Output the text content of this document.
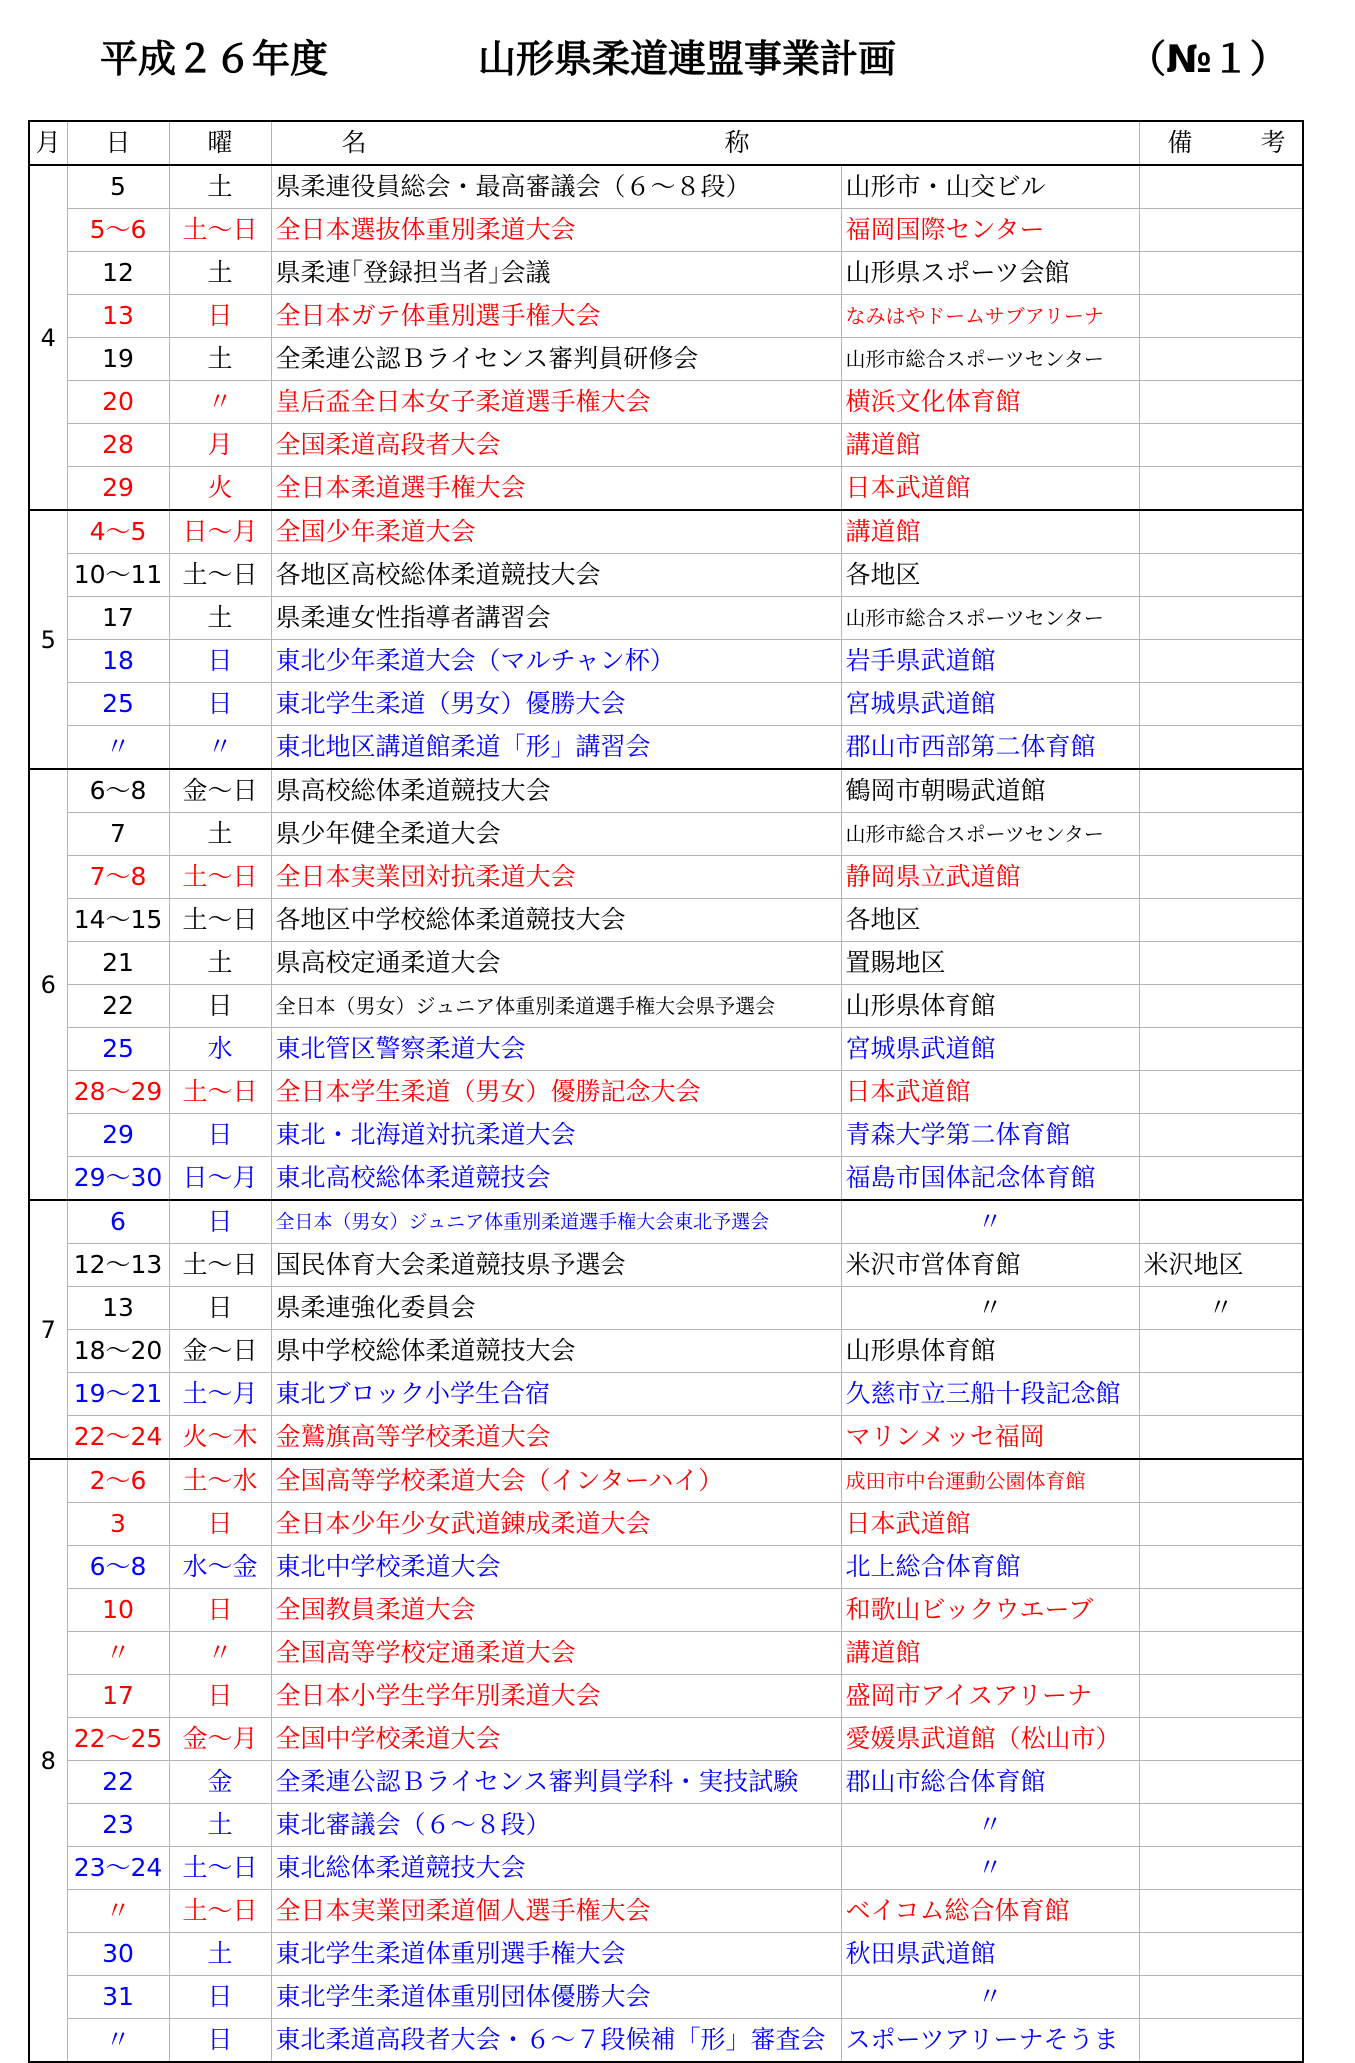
平成２６年度	山形県柔道連盟事業計画	（№１）
月	日	曜	名 称		備 考
4	5	土	県柔連役員総会・最高審議会（６～８段）	山形市・山交ビル	
	5～6	土～日	全日本選抜体重別柔道大会	福岡国際センター	
	12	土	県柔連｢登録担当者｣会議	山形県スポーツ会館	
	13	日	全日本ガテ体重別選手権大会	なみはやドームサブアリーナ	
	19	土	全柔連公認Ｂライセンス審判員研修会	山形市総合スポーツセンター	
	20	〃	皇后盃全日本女子柔道選手権大会	横浜文化体育館	
	28	月	全国柔道高段者大会	講道館	
	29	火	全日本柔道選手権大会	日本武道館	
5	4～5	日～月	全国少年柔道大会	講道館	
	10～11	土～日	各地区高校総体柔道競技大会	各地区	
	17	土	県柔連女性指導者講習会	山形市総合スポーツセンター	
	18	日	東北少年柔道大会（マルチャン杯）	岩手県武道館	
	25	日	東北学生柔道（男女）優勝大会	宮城県武道館	
	〃	〃	東北地区講道館柔道「形」講習会	郡山市西部第二体育館	
6	6～8	金～日	県高校総体柔道競技大会	鶴岡市朝暘武道館	
	7	土	県少年健全柔道大会	山形市総合スポーツセンター	
	7～8	土～日	全日本実業団対抗柔道大会	静岡県立武道館	
	14～15	土～日	各地区中学校総体柔道競技大会	各地区	
	21	土	県高校定通柔道大会	置賜地区	
	22	日	全日本（男女）ジュニア体重別柔道選手権大会県予選会	山形県体育館	
	25	水	東北管区警察柔道大会	宮城県武道館	
	28～29	土～日	全日本学生柔道（男女）優勝記念大会	日本武道館	
	29	日	東北・北海道対抗柔道大会	青森大学第二体育館	
	29～30	日～月	東北高校総体柔道競技会	福島市国体記念体育館	
7	6	日	全日本（男女）ジュニア体重別柔道選手権大会東北予選会	〃	
	12～13	土～日	国民体育大会柔道競技県予選会	米沢市営体育館	米沢地区
	13	日	県柔連強化委員会	〃	〃
	18～20	金～日	県中学校総体柔道競技大会	山形県体育館	
	19～21	土～月	東北ブロック小学生合宿	久慈市立三船十段記念館	
	22～24	火～木	金鷲旗高等学校柔道大会	マリンメッセ福岡	
8	2～6	土～水	全国高等学校柔道大会（インターハイ）	成田市中台運動公園体育館	
	3	日	全日本少年少女武道錬成柔道大会	日本武道館	
	6～8	水～金	東北中学校柔道大会	北上総合体育館	
	10	日	全国教員柔道大会	和歌山ビックウエーブ	
	〃	〃	全国高等学校定通柔道大会	講道館	
	17	日	全日本小学生学年別柔道大会	盛岡市アイスアリーナ	
	22～25	金～月	全国中学校柔道大会	愛媛県武道館（松山市）	
	22	金	全柔連公認Ｂライセンス審判員学科・実技試験	郡山市総合体育館	
	23	土	東北審議会（６～８段）	〃	
	23～24	土～日	東北総体柔道競技大会	〃	
	〃	土～日	全日本実業団柔道個人選手権大会	ベイコム総合体育館	
	30	土	東北学生柔道体重別選手権大会	秋田県武道館	
	31	日	東北学生柔道体重別団体優勝大会	〃	
	〃	日	東北柔道高段者大会・６～７段候補「形」審査会	スポーツアリーナそうま	
